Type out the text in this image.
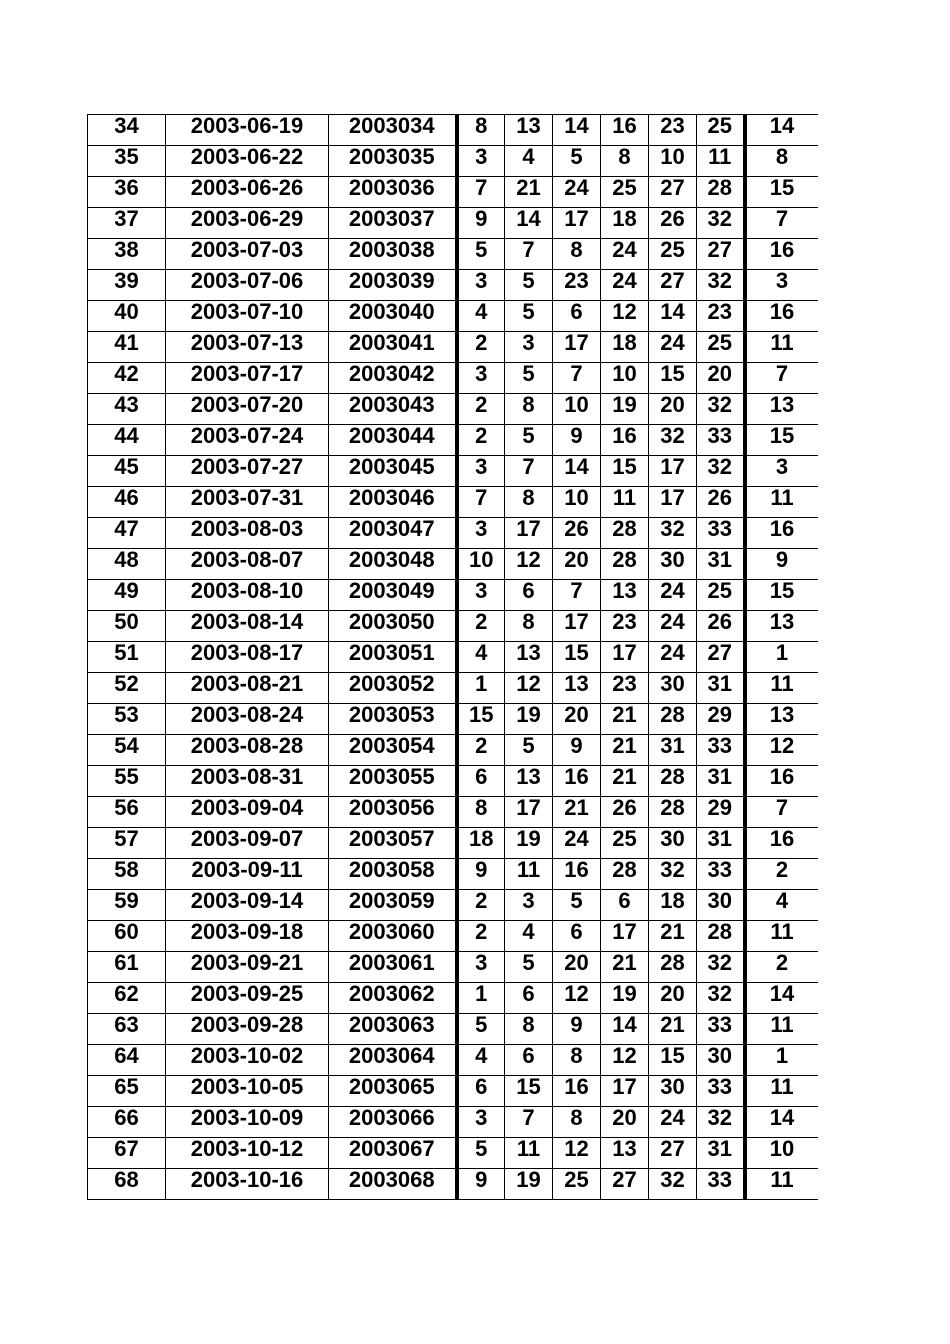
34	2003-06-19	2003034	8	13	14	16	23	25	14
35	2003-06-22	2003035	3	4	5	8	10	11	8
36	2003-06-26	2003036	7	21	24	25	27	28	15
37	2003-06-29	2003037	9	14	17	18	26	32	7
38	2003-07-03	2003038	5	7	8	24	25	27	16
39	2003-07-06	2003039	3	5	23	24	27	32	3
40	2003-07-10	2003040	4	5	6	12	14	23	16
41	2003-07-13	2003041	2	3	17	18	24	25	11
42	2003-07-17	2003042	3	5	7	10	15	20	7
43	2003-07-20	2003043	2	8	10	19	20	32	13
44	2003-07-24	2003044	2	5	9	16	32	33	15
45	2003-07-27	2003045	3	7	14	15	17	32	3
46	2003-07-31	2003046	7	8	10	11	17	26	11
47	2003-08-03	2003047	3	17	26	28	32	33	16
48	2003-08-07	2003048	10	12	20	28	30	31	9
49	2003-08-10	2003049	3	6	7	13	24	25	15
50	2003-08-14	2003050	2	8	17	23	24	26	13
51	2003-08-17	2003051	4	13	15	17	24	27	1
52	2003-08-21	2003052	1	12	13	23	30	31	11
53	2003-08-24	2003053	15	19	20	21	28	29	13
54	2003-08-28	2003054	2	5	9	21	31	33	12
55	2003-08-31	2003055	6	13	16	21	28	31	16
56	2003-09-04	2003056	8	17	21	26	28	29	7
57	2003-09-07	2003057	18	19	24	25	30	31	16
58	2003-09-11	2003058	9	11	16	28	32	33	2
59	2003-09-14	2003059	2	3	5	6	18	30	4
60	2003-09-18	2003060	2	4	6	17	21	28	11
61	2003-09-21	2003061	3	5	20	21	28	32	2
62	2003-09-25	2003062	1	6	12	19	20	32	14
63	2003-09-28	2003063	5	8	9	14	21	33	11
64	2003-10-02	2003064	4	6	8	12	15	30	1
65	2003-10-05	2003065	6	15	16	17	30	33	11
66	2003-10-09	2003066	3	7	8	20	24	32	14
67	2003-10-12	2003067	5	11	12	13	27	31	10
68	2003-10-16	2003068	9	19	25	27	32	33	11
